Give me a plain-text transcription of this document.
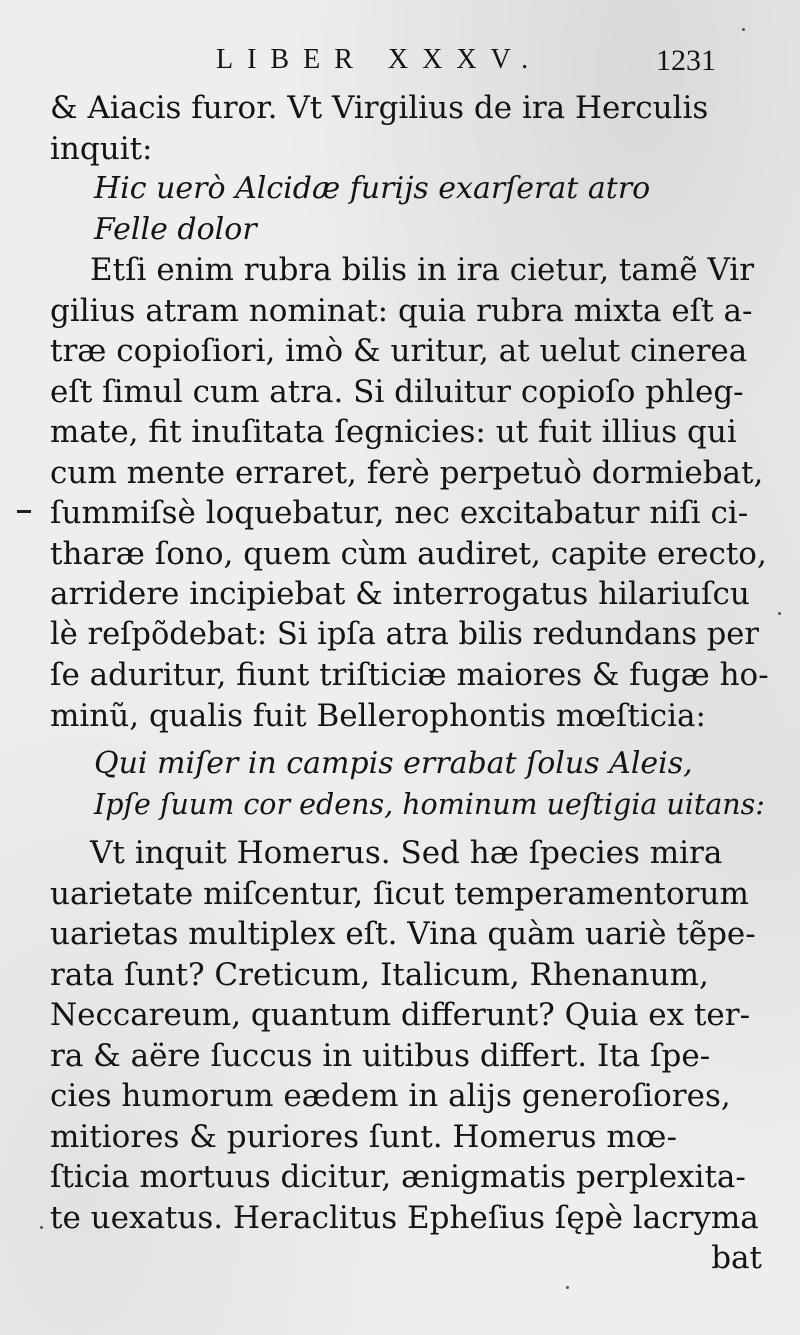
LIBER XXXV.	1231
& Aiacis furor. Vt Virgilius de ira Herculis
inquit:
Hic uerò Alcidæ furijs exarſerat atro
Felle dolor
Etſi enim rubra bilis in ira cietur, tamẽ Vir
gilius atram nominat: quia rubra mixta eſt a-
træ copioſiori, imò & uritur, at uelut cinerea
eſt ſimul cum atra. Si diluitur copioſo phleg-
mate, fit inuſitata ſegnicies: ut fuit illius qui
cum mente erraret, ferè perpetuò dormiebat,
ſummiſsè loquebatur, nec excitabatur niſi ci-
tharæ ſono, quem cùm audiret, capite erecto,
arridere incipiebat & interrogatus hilariuſcu
lè reſpõdebat: Si ipſa atra bilis redundans per
ſe aduritur, fiunt triſticiæ maiores & fugæ ho-
minũ, qualis fuit Bellerophontis mœſticia:
Qui miſer in campis errabat ſolus Aleis,
Ipſe ſuum cor edens, hominum ueſtigia uitans:
Vt inquit Homerus. Sed hæ ſpecies mira
uarietate miſcentur, ſicut temperamentorum
uarietas multiplex eſt. Vina quàm uariè tẽpe-
rata ſunt? Creticum, Italicum, Rhenanum,
Neccareum, quantum differunt? Quia ex ter-
ra & aëre ſuccus in uitibus differt. Ita ſpe-
cies humorum eædem in alijs generoſiores,
mitiores & puriores ſunt. Homerus mœ-
ſticia mortuus dicitur, ænigmatis perplexita-
te uexatus. Heraclitus Epheſius ſępè lacryma
bat
